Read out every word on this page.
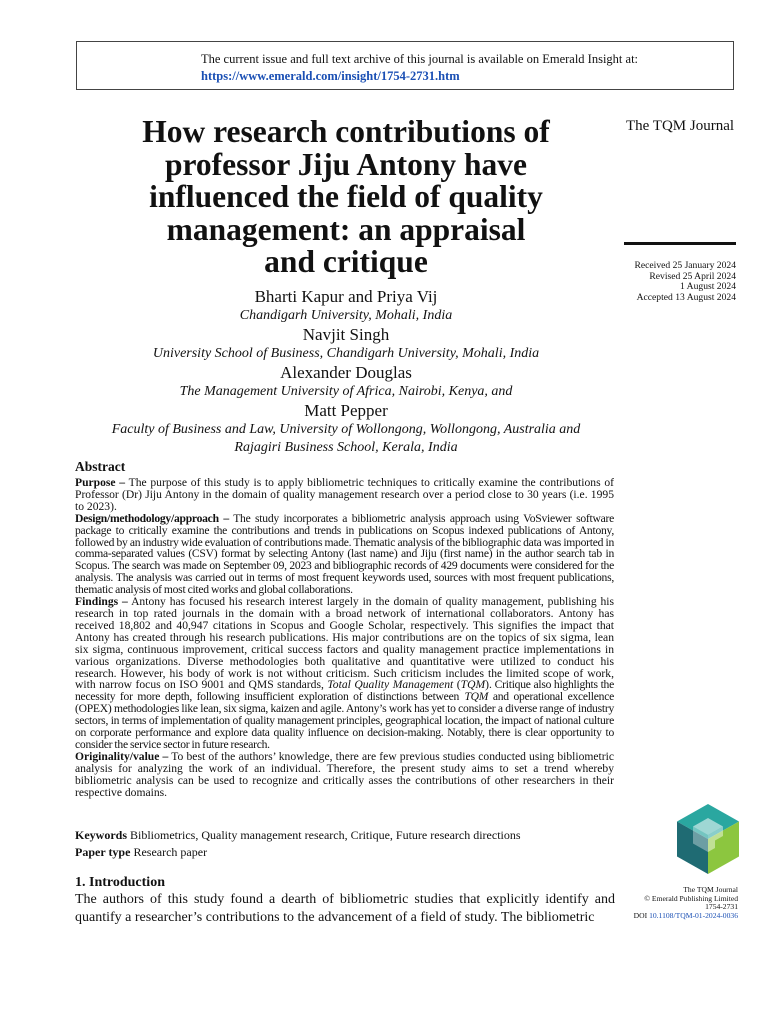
The current issue and full text archive of this journal is available on Emerald Insight at:
https://www.emerald.com/insight/1754-2731.htm
The TQM Journal
Received 25 January 2024
Revised 25 April 2024
1 August 2024
Accepted 13 August 2024
How research contributions of
professor Jiju Antony have
influenced the field of quality
management: an appraisal
and critique
Bharti Kapur and Priya Vij
Chandigarh University, Mohali, India
Navjit Singh
University School of Business, Chandigarh University, Mohali, India
Alexander Douglas
The Management University of Africa, Nairobi, Kenya, and
Matt Pepper
Faculty of Business and Law, University of Wollongong, Wollongong, Australia and
Rajagiri Business School, Kerala, India
Abstract

Purpose – The purpose of this study is to apply bibliometric techniques to critically examine the contributions of Professor (Dr) Jiju Antony in the domain of quality management research over a period close to 30 years (i.e. 1995 to 2023).

Design/methodology/approach – The study incorporates a bibliometric analysis approach using VoSviewer software package to critically examine the contributions and trends in publications on Scopus indexed publications of Antony, followed by an industry wide evaluation of contributions made. Thematic analysis of the bibliographic data was imported in comma-separated values (CSV) format by selecting Antony (last name) and Jiju (first name) in the author search tab in Scopus. The search was made on September 09, 2023 and bibliographic records of 429 documents were considered for the analysis. The analysis was carried out in terms of most frequent keywords used, sources with most frequent publications, thematic analysis of most cited works and global collaborations.

Findings – Antony has focused his research interest largely in the domain of quality management, publishing his research in top rated journals in the domain with a broad network of international collaborators. Antony has received 18,802 and 40,947 citations in Scopus and Google Scholar, respectively. This signifies the impact that Antony has created through his research publications. His major contributions are on the topics of six sigma, lean six sigma, continuous improvement, critical success factors and quality management practice implementations in various organizations. Diverse methodologies both qualitative and quantitative were utilized to conduct his research. However, his body of work is not without criticism. Such criticism includes the limited scope of work, with narrow focus on ISO 9001 and QMS standards, Total Quality Management (TQM). Critique also highlights the necessity for more depth, following insufficient exploration of distinctions between TQM and operational excellence (OPEX) methodologies like lean, six sigma, kaizen and agile. Antony’s work has yet to consider a diverse range of industry sectors, in terms of implementation of quality management principles, geographical location, the impact of national culture on corporate performance and explore data quality influence on decision-making. Notably, there is clear opportunity to consider the service sector in future research.

Originality/value – To best of the authors’ knowledge, there are few previous studies conducted using bibliometric analysis for analyzing the work of an individual. Therefore, the present study aims to set a trend whereby bibliometric analysis can be used to recognize and critically asses the contributions of other researchers in their respective domains.

Keywords Bibliometrics, Quality management research, Critique, Future research directions
Paper type Research paper
1. Introduction
The authors of this study found a dearth of bibliometric studies that explicitly identify and quantify a researcher’s contributions to the advancement of a field of study. The bibliometric
The TQM Journal
© Emerald Publishing Limited
1754-2731
DOI 10.1108/TQM-01-2024-0036
